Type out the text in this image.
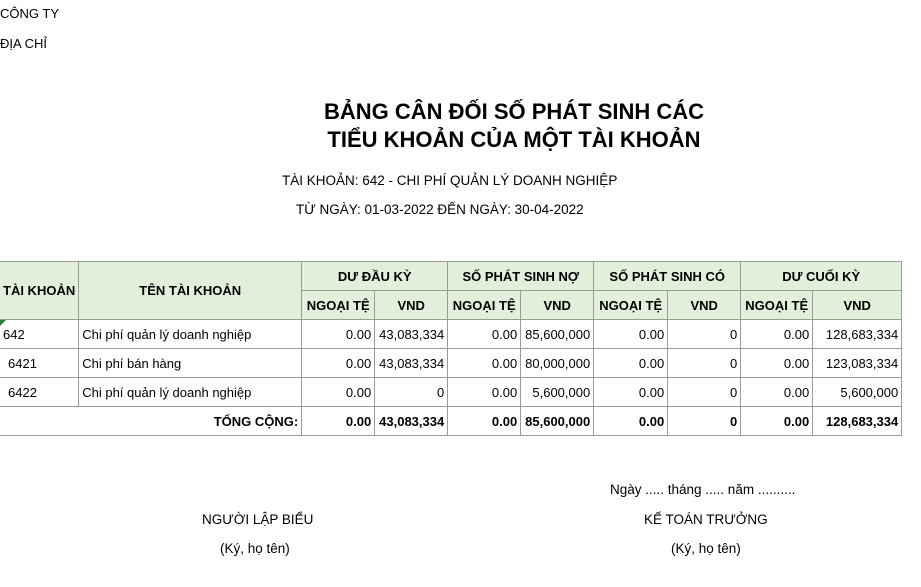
CÔNG TY
ĐỊA CHỈ
BẢNG CÂN ĐỐI SỐ PHÁT SINH CÁC
TIỂU KHOẢN CỦA MỘT TÀI KHOẢN
TÀI KHOẢN: 642 - CHI PHÍ QUẢN LÝ DOANH NGHIỆP
TỪ NGÀY: 01-03-2022 ĐẾN NGÀY: 30-04-2022
TÀI KHOẢN	TÊN TÀI KHOẢN	DƯ ĐẦU KỲ		SỐ PHÁT SINH NỢ		SỐ PHÁT SINH CÓ		DƯ CUỐI KỲ	
		NGOẠI TỆ	VND	NGOẠI TỆ	VND	NGOẠI TỆ	VND	NGOẠI TỆ	VND

642	Chi phí quản lý doanh nghiệp	0.00	43,083,334	0.00	85,600,000	0.00	0	0.00	128,683,334
6421	Chi phí bán hàng	0.00	43,083,334	0.00	80,000,000	0.00	0	0.00	123,083,334
6422	Chi phí quản lý doanh nghiệp	0.00	0	0.00	5,600,000	0.00	0	0.00	5,600,000
TỔNG CỘNG:		0.00	43,083,334	0.00	85,600,000	0.00	0	0.00	128,683,334
Ngày ..... tháng ..... năm ..........
NGƯỜI LẬP BIỂU
(Ký, họ tên)
KẾ TOÁN TRƯỞNG
(Ký, họ tên)
